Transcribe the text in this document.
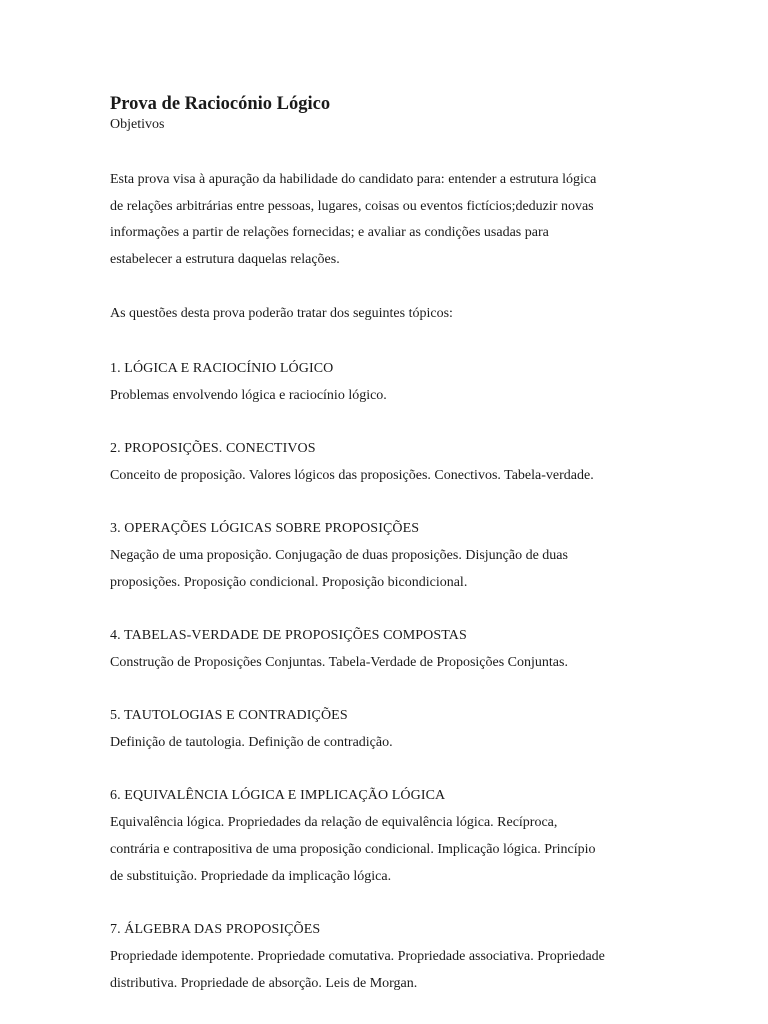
Prova de Raciocónio Lógico

Objetivos

Esta prova visa à apuração da habilidade do candidato para: entender a estrutura lógica
de relações arbitrárias entre pessoas, lugares, coisas ou eventos fictícios;deduzir novas
informações a partir de relações fornecidas; e avaliar as condições usadas para
estabelecer a estrutura daquelas relações.

As questões desta prova poderão tratar dos seguintes tópicos:

1. LÓGICA E RACIOCÍNIO LÓGICO

Problemas envolvendo lógica e raciocínio lógico.

2. PROPOSIÇÕES. CONECTIVOS

Conceito de proposição. Valores lógicos das proposições. Conectivos. Tabela-verdade.

3. OPERAÇÕES LÓGICAS SOBRE PROPOSIÇÕES

Negação de uma proposição. Conjugação de duas proposições. Disjunção de duas
proposições. Proposição condicional. Proposição bicondicional.

4. TABELAS-VERDADE DE PROPOSIÇÕES COMPOSTAS

Construção de Proposições Conjuntas. Tabela-Verdade de Proposições Conjuntas.

5. TAUTOLOGIAS E CONTRADIÇÕES

Definição de tautologia. Definição de contradição.

6. EQUIVALÊNCIA LÓGICA E IMPLICAÇÃO LÓGICA

Equivalência lógica. Propriedades da relação de equivalência lógica. Recíproca,
contrária e contrapositiva de uma proposição condicional. Implicação lógica. Princípio
de substituição. Propriedade da implicação lógica.

7. ÁLGEBRA DAS PROPOSIÇÕES

Propriedade idempotente. Propriedade comutativa. Propriedade associativa. Propriedade
distributiva. Propriedade de absorção. Leis de Morgan.
